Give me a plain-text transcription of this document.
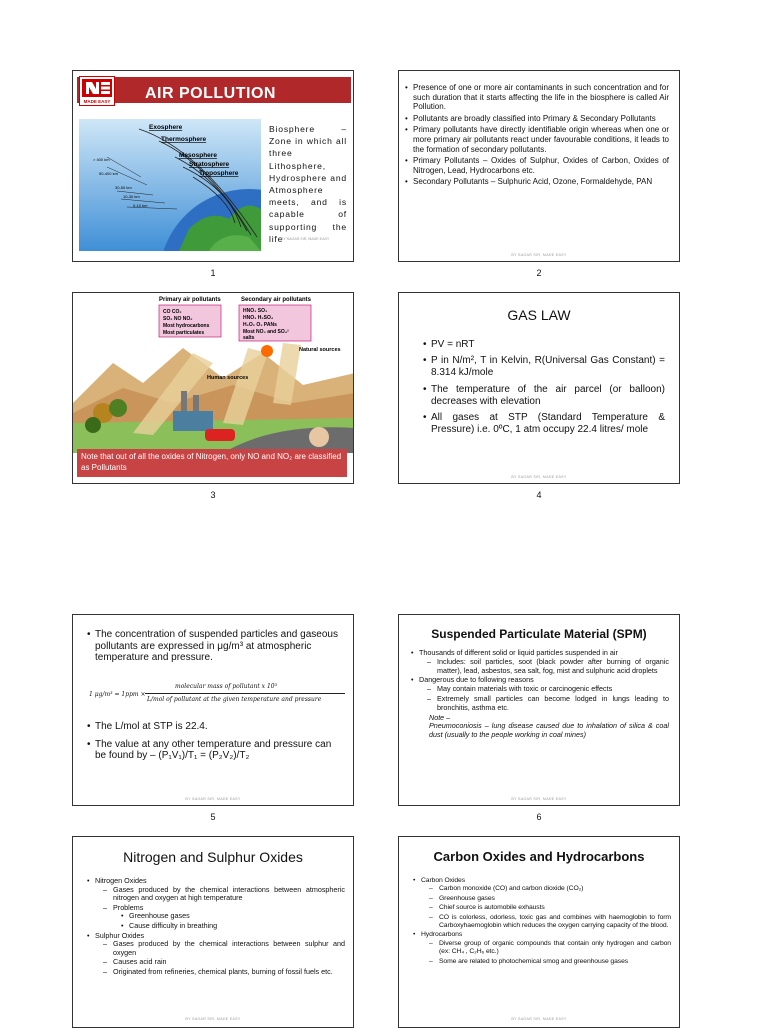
AIR POLLUTION
MADE EASY
Exosphere
Thermosphere
Mesosphere
Stratosphere
Troposphere
> 400 km
50-400 km
30-50 km
10-30 km
0-10 km
Biosphere – Zone in which all three Lithosphere, Hydrosphere and Atmosphere meets, and is capable of supporting the life
BY SAGAR SIR, MADE EASY
1
• Presence of one or more air contaminants in such concentration and for such duration that it starts affecting the life in the biosphere is called Air Pollution.
• Pollutants are broadly classified into Primary & Secondary Pollutants
• Primary pollutants have directly identifiable origin whereas when one or more primary air pollutants react under favourable conditions, it leads to the formation of secondary pollutants.
• Primary Pollutants – Oxides of Sulphur, Oxides of Carbon, Oxides of Nitrogen, Lead, Hydrocarbons etc.
• Secondary Pollutants – Sulphuric Acid, Ozone, Formaldehyde, PAN
BY SAGAR SIR, MADE EASY
2
Primary air pollutants	Secondary air pollutants
CO CO₂
SO₂ NO NO₂
Most hydrocarbons
Most particulates
HNO₃ SO₃
HNO₃ H₂SO₄
H₂O₂ O₃ PANs
Most NO₃ and SO₄²
salts
Natural sources
Human sources
Note that out of all the oxides of Nitrogen, only NO and NO₂ are classified as Pollutants
3
GAS LAW
• PV = nRT
• P in N/m², T in Kelvin, R(Universal Gas Constant) = 8.314 kJ/mole
• The temperature of the air parcel (or balloon) decreases with elevation
• All gases at STP (Standard Temperature & Pressure) i.e. 0ºC, 1 atm occupy 22.4 litres/ mole
BY SAGAR SIR, MADE EASY
4
• The concentration of suspended particles and gaseous pollutants are expressed in μg/m³ at atmospheric temperature and pressure.
1 μg/m³ = 1ppm ×
molecular mass of pollutant x 10³
L/mol of pollutant at the given temperature and pressure
• The L/mol at STP is 22.4.
• The value at any other temperature and pressure can be found by – (P₁V₁)/T₁ = (P₂V₂)/T₂
BY SAGAR SIR, MADE EASY
5
Suspended Particulate Material (SPM)
• Thousands of different solid or liquid particles suspended in air
– Includes: soil particles, soot (black powder after burning of organic matter), lead, asbestos, sea salt, fog, mist and sulphuric acid droplets
• Dangerous due to following reasons
– May contain materials with toxic or carcinogenic effects
– Extremely small particles can become lodged in lungs leading to bronchitis, asthma etc.
Note –
Pneumoconiosis – lung disease caused due to inhalation of silica & coal dust (usually to the people working in coal mines)
BY SAGAR SIR, MADE EASY
6
Nitrogen and Sulphur Oxides
• Nitrogen Oxides
– Gases produced by the chemical interactions between atmospheric nitrogen and oxygen at high temperature
– Problems
• Greenhouse gases
• Cause difficulty in breathing
• Sulphur Oxides
– Gases produced by the chemical interactions between sulphur and oxygen
– Causes acid rain
– Originated from refineries, chemical plants, burning of fossil fuels etc.
BY SAGAR SIR, MADE EASY
Carbon Oxides and Hydrocarbons
• Carbon Oxides
– Carbon monoxide (CO) and carbon dioxide (CO₂)
– Greenhouse gases
– Chief source is automobile exhausts
– CO is colorless, odorless, toxic gas and combines with haemoglobin to form Carboxyhaemoglobin which reduces the oxygen carrying capacity of the blood.
• Hydrocarbons
– Diverse group of organic compounds that contain only hydrogen and carbon (ex: CH₄ , C₂H₆ etc.)
– Some are related to photochemical smog and greenhouse gases
BY SAGAR SIR, MADE EASY
